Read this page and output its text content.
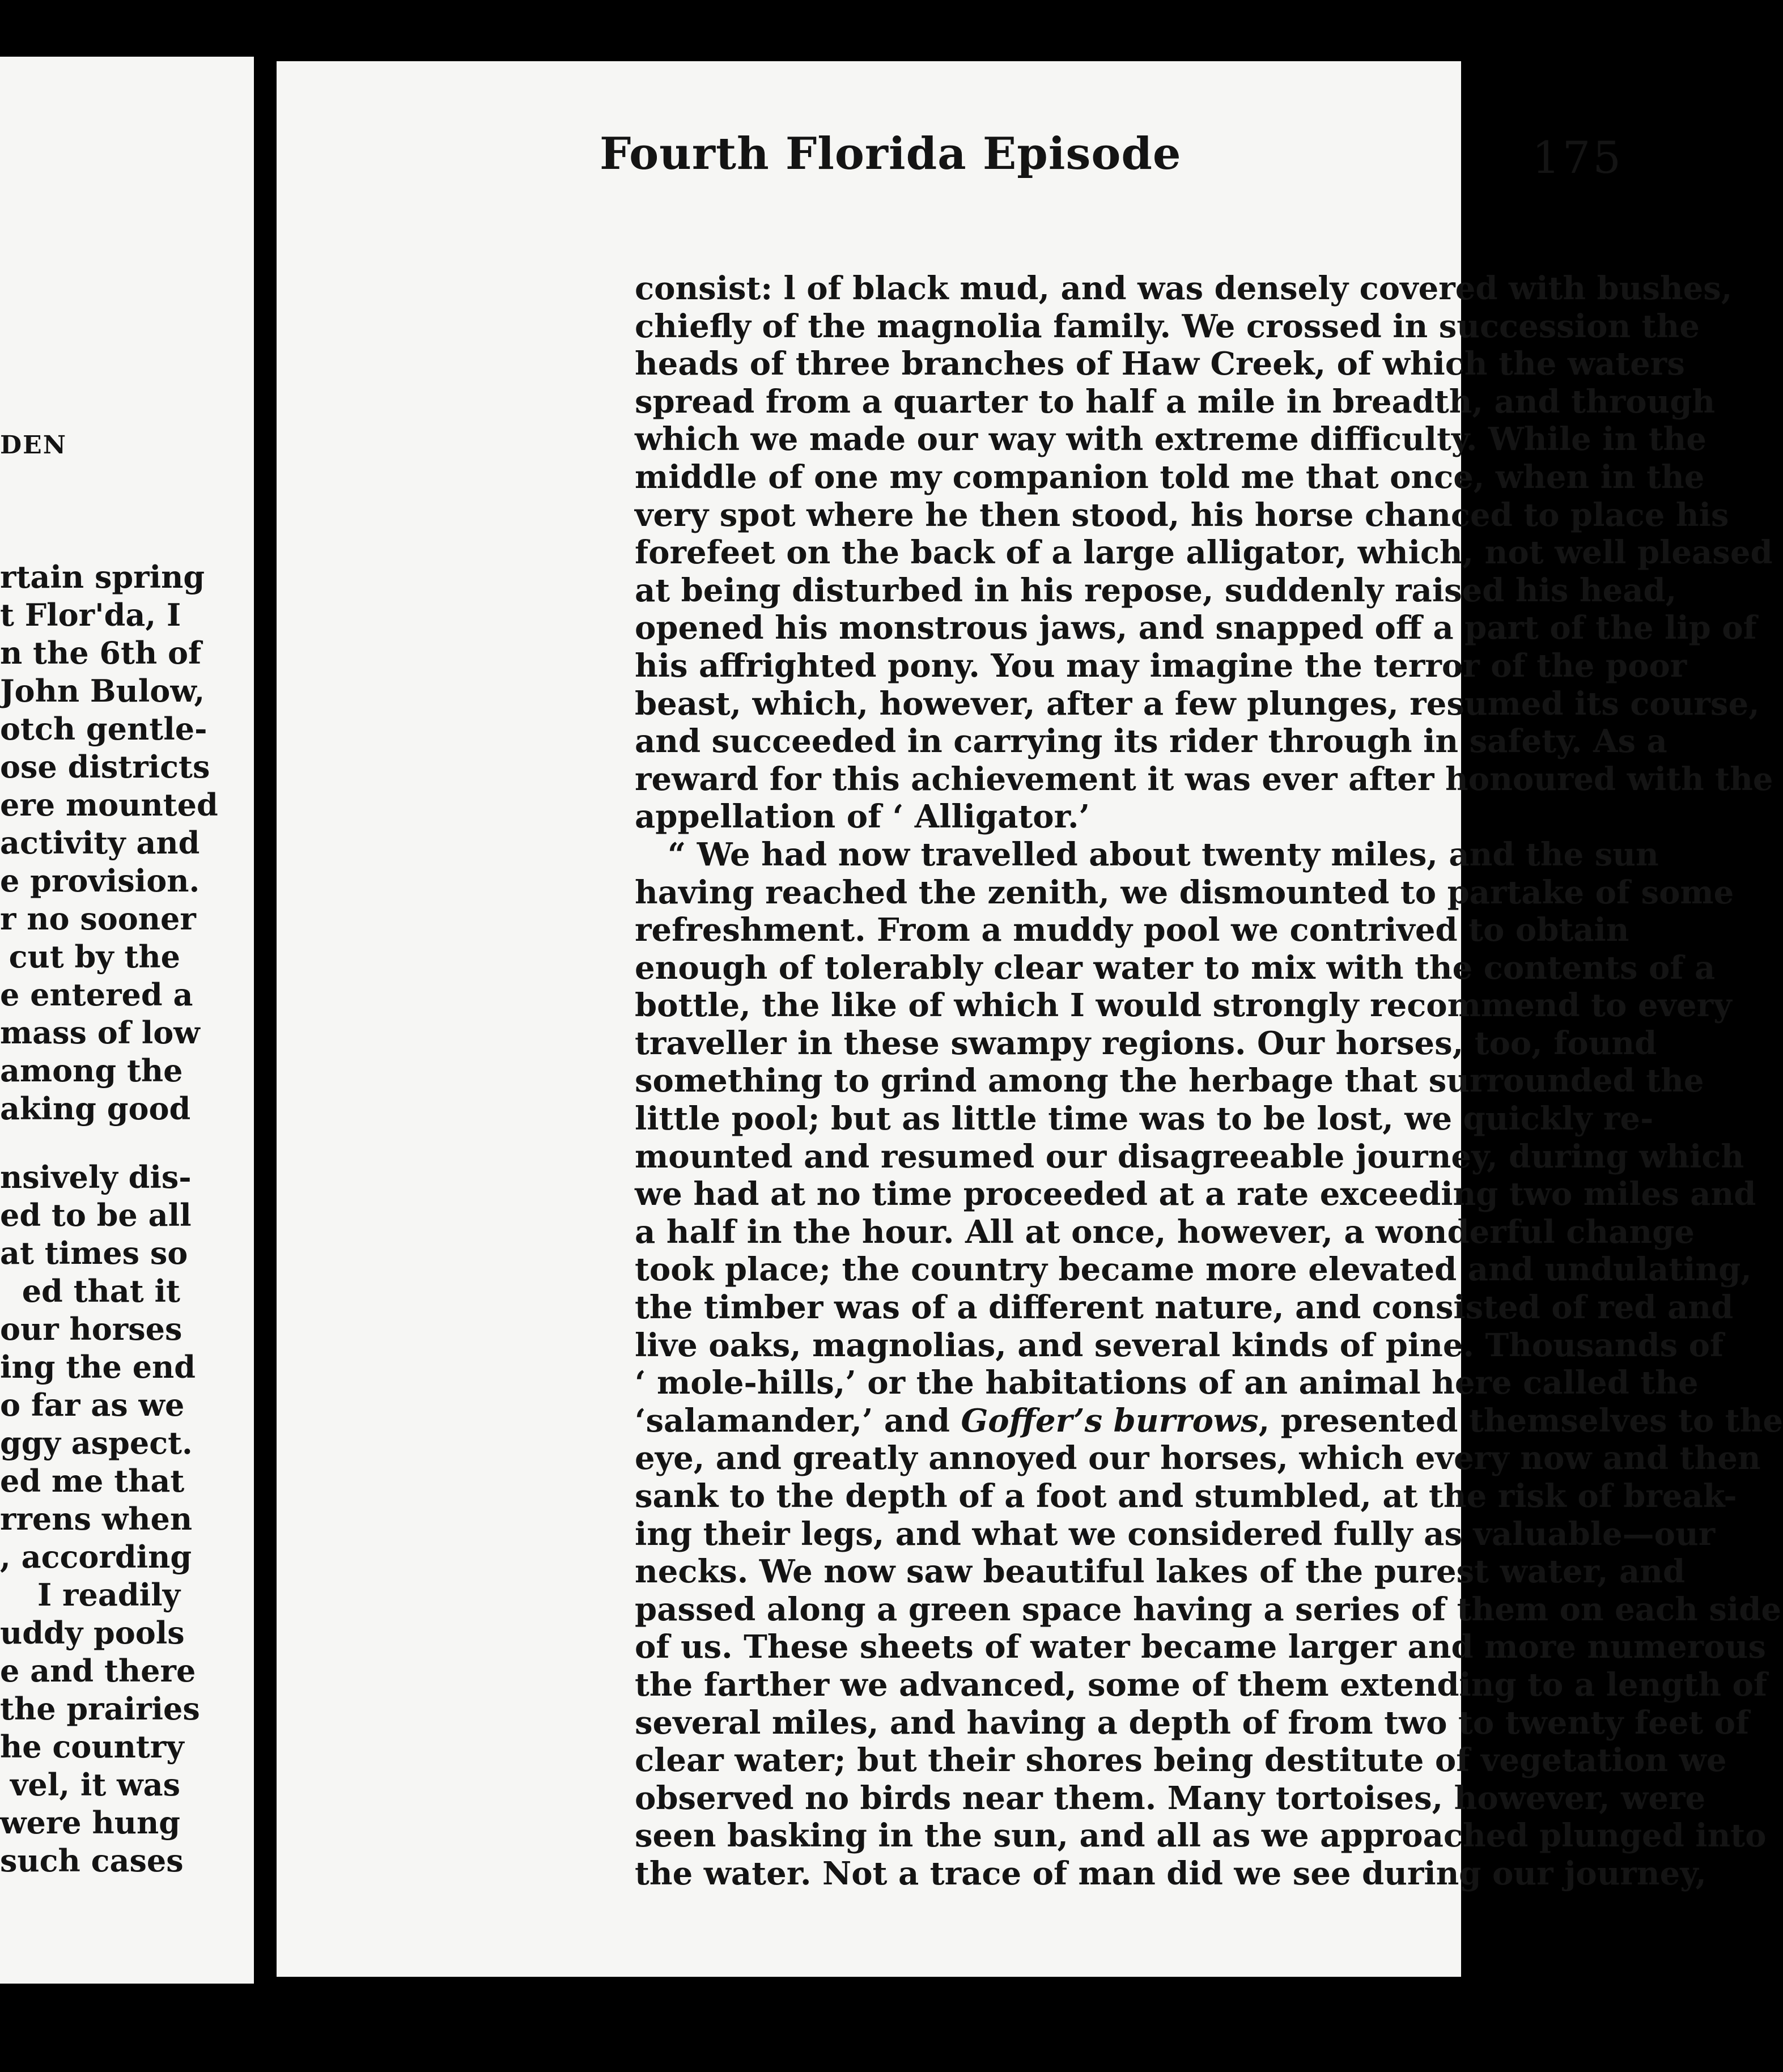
DEN
rtain spring
t Flor'da, I
n the 6th of
John Bulow,
otch gentle-
ose districts
ere mounted
activity and
e provision.
r no sooner
cut by the
e entered a
mass of low
among the
aking good
nsively dis-
ed to be all
at times so
ed that it
our horses
ing the end
o far as we
ggy aspect.
ed me that
rrens when
, according
I readily
uddy pools
e and there
the prairies
he country
vel, it was
were hung
such cases
Fourth Florida Episode	175
consist: l of black mud, and was densely covered with bushes,
chiefly of the magnolia family. We crossed in succession the
heads of three branches of Haw Creek, of which the waters
spread from a quarter to half a mile in breadth, and through
which we made our way with extreme difficulty. While in the
middle of one my companion told me that once, when in the
very spot where he then stood, his horse chanced to place his
forefeet on the back of a large alligator, which, not well pleased
at being disturbed in his repose, suddenly raised his head,
opened his monstrous jaws, and snapped off a part of the lip of
his affrighted pony. You may imagine the terror of the poor
beast, which, however, after a few plunges, resumed its course,
and succeeded in carrying its rider through in safety. As a
reward for this achievement it was ever after honoured with the
appellation of ‘ Alligator.’
“ We had now travelled about twenty miles, and the sun
having reached the zenith, we dismounted to partake of some
refreshment. From a muddy pool we contrived to obtain
enough of tolerably clear water to mix with the contents of a
bottle, the like of which I would strongly recommend to every
traveller in these swampy regions. Our horses, too, found
something to grind among the herbage that surrounded the
little pool; but as little time was to be lost, we quickly re-
mounted and resumed our disagreeable journey, during which
we had at no time proceeded at a rate exceeding two miles and
a half in the hour. All at once, however, a wonderful change
took place; the country became more elevated and undulating,
the timber was of a different nature, and consisted of red and
live oaks, magnolias, and several kinds of pine. Thousands of
‘ mole-hills,’ or the habitations of an animal here called the
‘salamander,’ and Goffer’s burrows, presented themselves to the
eye, and greatly annoyed our horses, which every now and then
sank to the depth of a foot and stumbled, at the risk of break-
ing their legs, and what we considered fully as valuable—our
necks. We now saw beautiful lakes of the purest water, and
passed along a green space having a series of them on each side
of us. These sheets of water became larger and more numerous
the farther we advanced, some of them extending to a length of
several miles, and having a depth of from two to twenty feet of
clear water; but their shores being destitute of vegetation we
observed no birds near them. Many tortoises, however, were
seen basking in the sun, and all as we approached plunged into
the water. Not a trace of man did we see during our journey,
